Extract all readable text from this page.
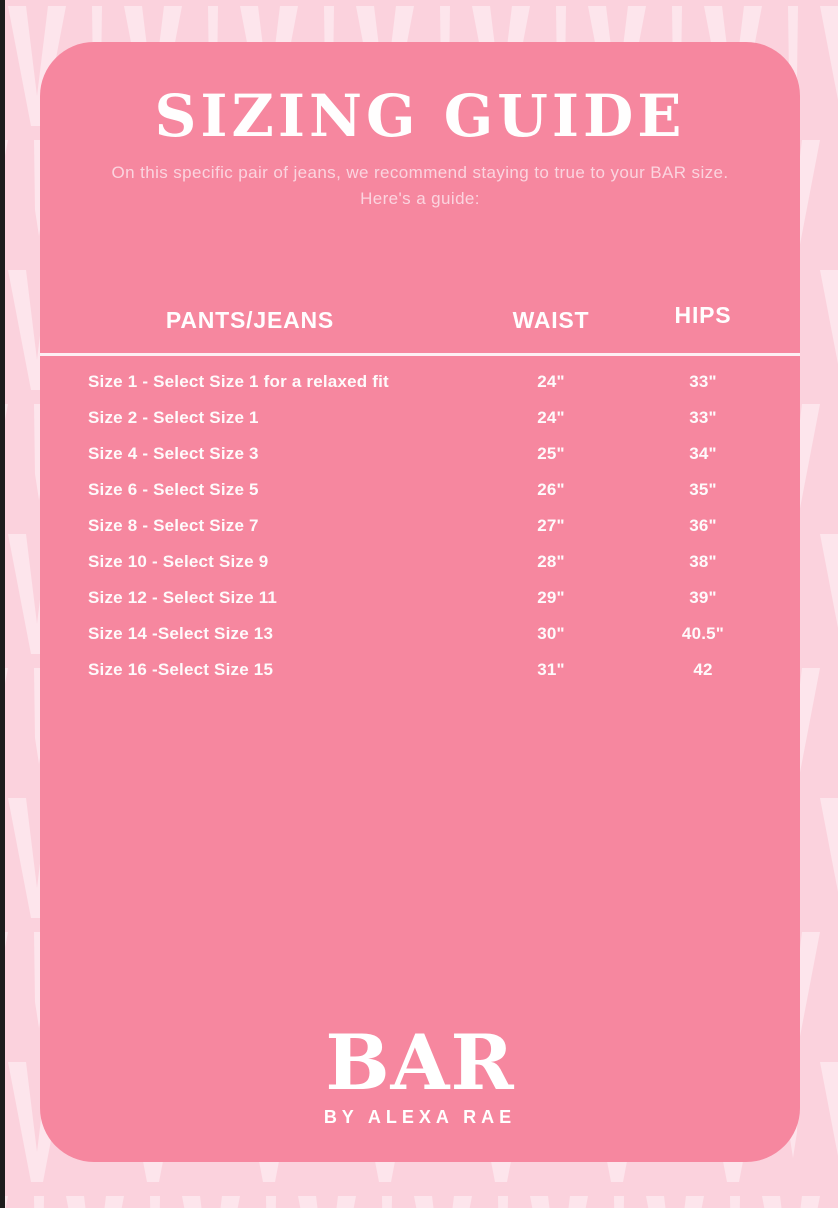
SIZING GUIDE
On this specific pair of jeans, we recommend staying to true to your BAR size.
Here's a guide:
PANTS/JEANS	WAIST	HIPS
Size 1 - Select Size 1 for a relaxed fit	24"	33"
Size 2 - Select Size 1	24"	33"
Size 4 - Select Size 3	25"	34"
Size 6 - Select Size 5	26"	35"
Size 8 - Select Size 7	27"	36"
Size 10 - Select Size 9	28"	38"
Size 12 - Select Size 11	29"	39"
Size 14 -Select Size 13	30"	40.5"
Size 16 -Select Size 15	31"	42
BAR
BY ALEXA RAE
